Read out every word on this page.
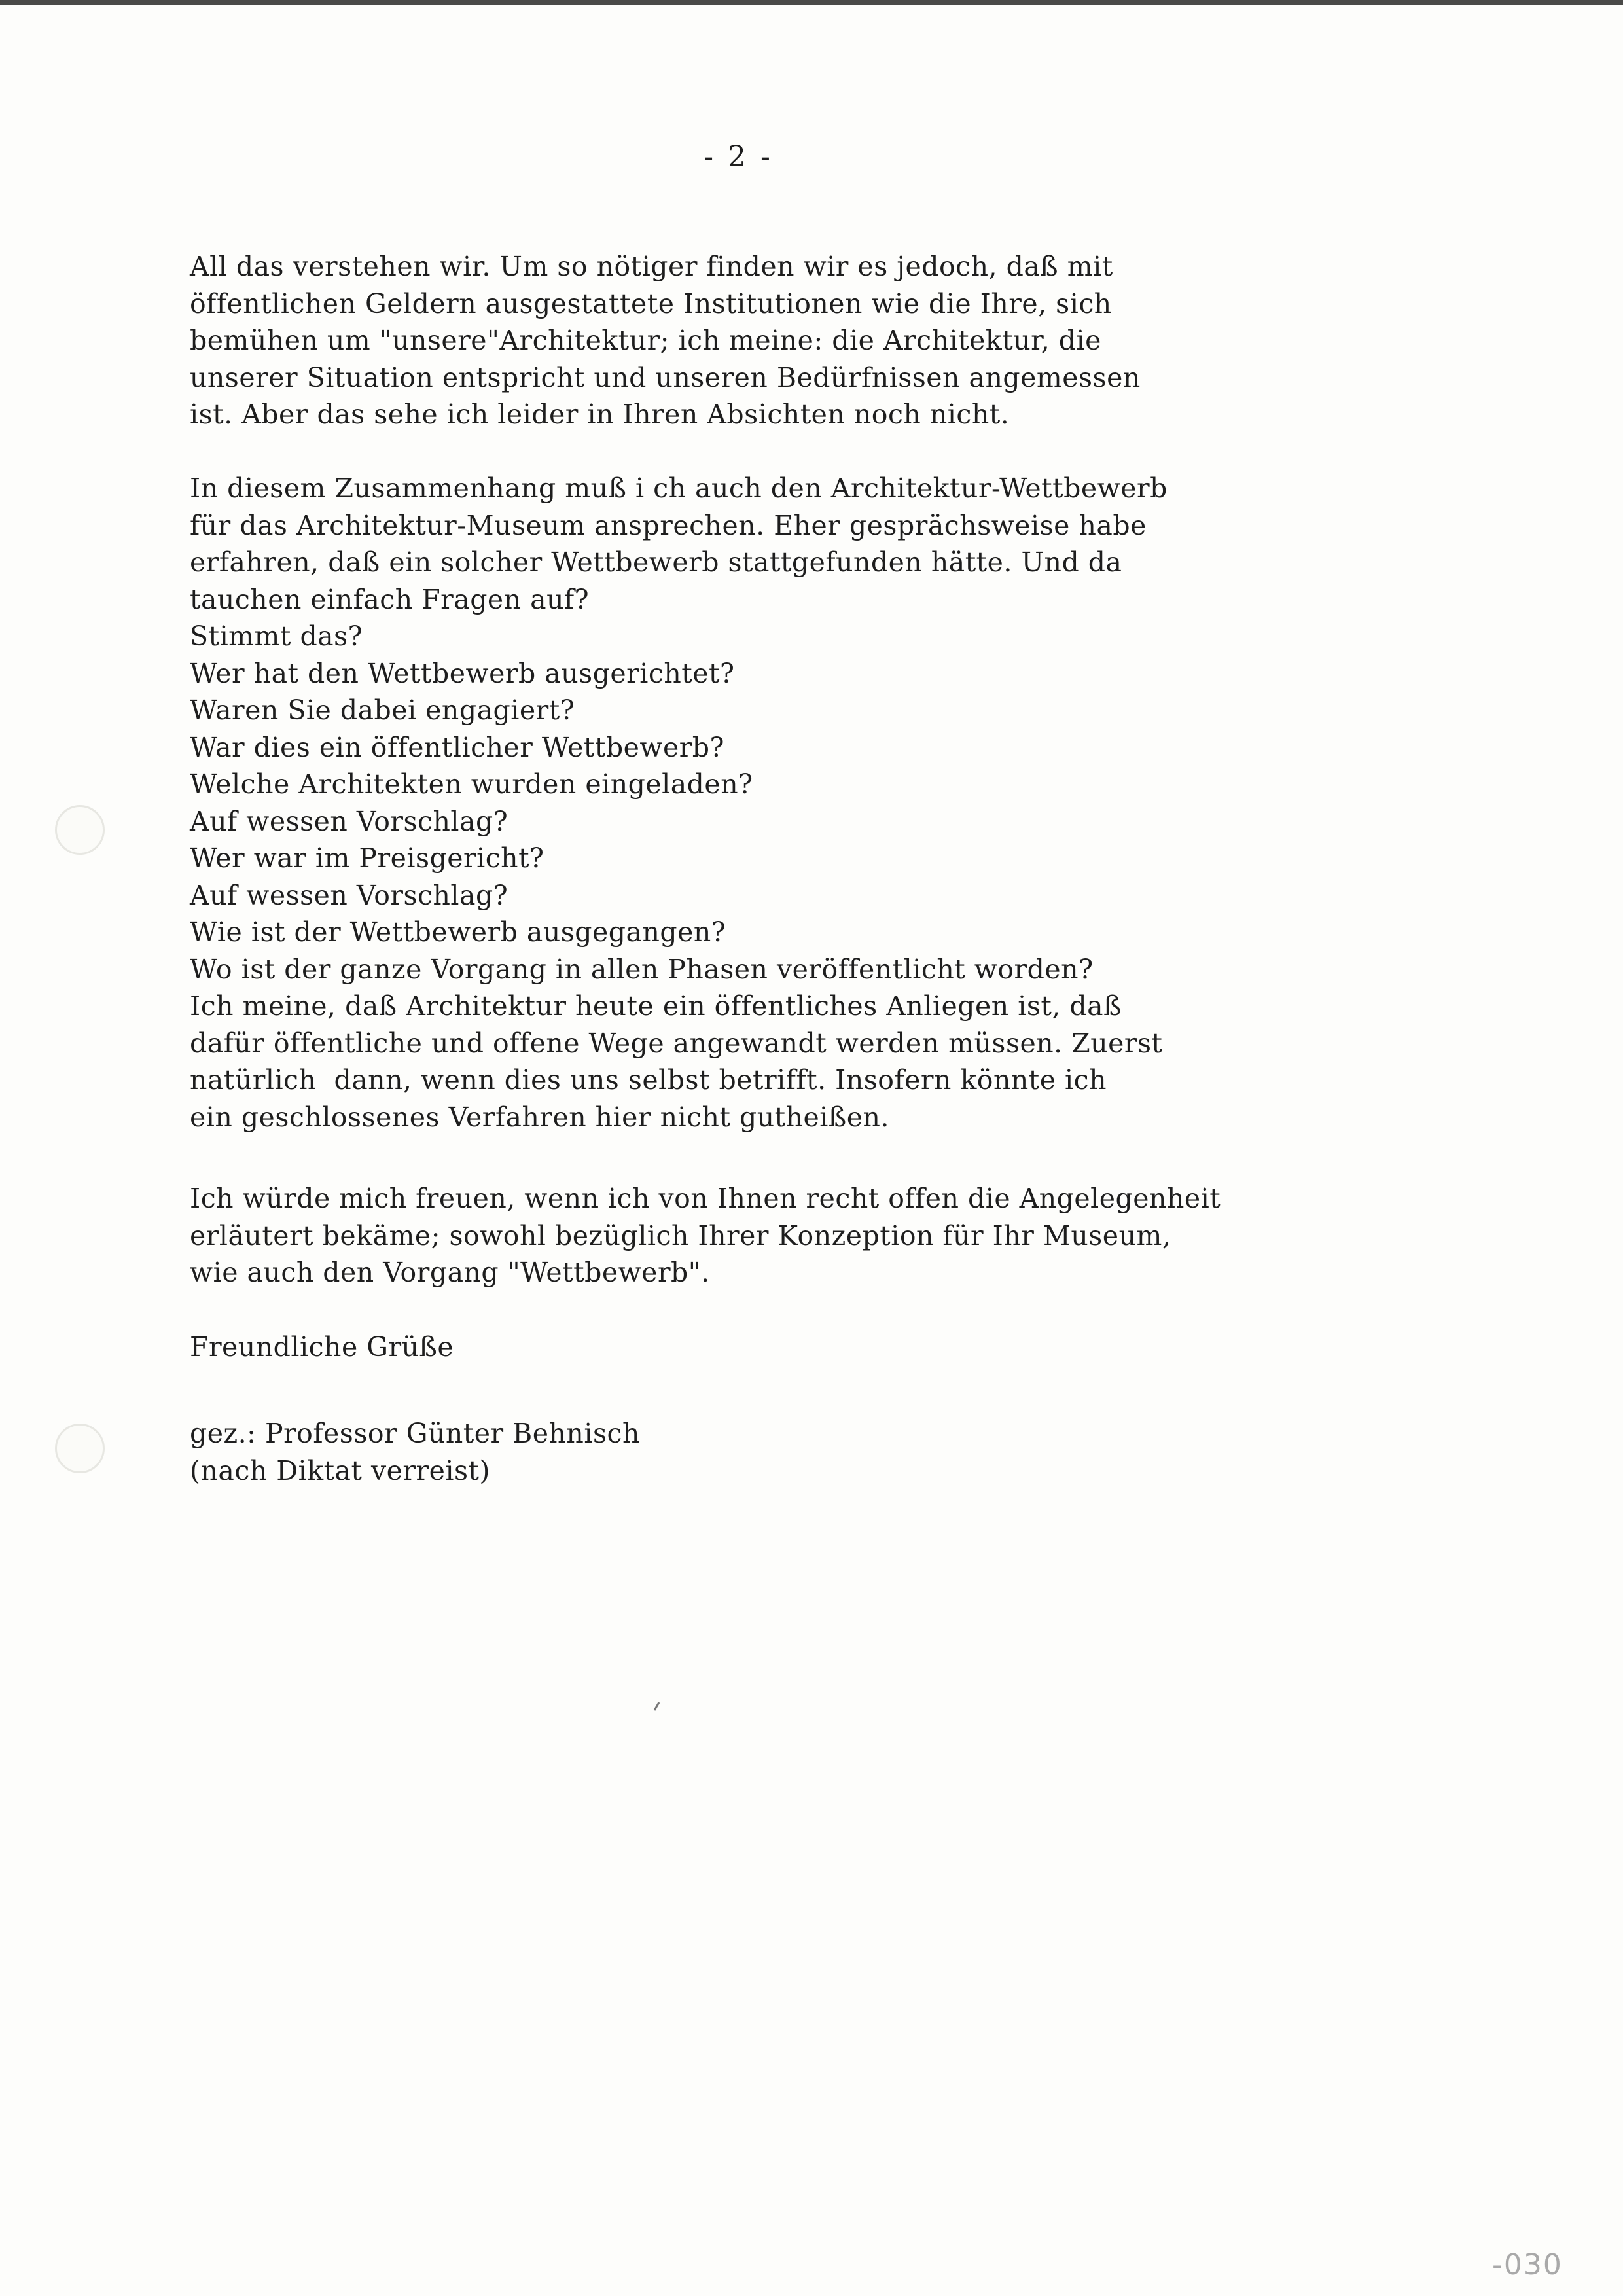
- 2 -
All das verstehen wir. Um so nötiger finden wir es jedoch, daß mit
öffentlichen Geldern ausgestattete Institutionen wie die Ihre, sich
bemühen um "unsere"Architektur; ich meine: die Architektur, die
unserer Situation entspricht und unseren Bedürfnissen angemessen
ist. Aber das sehe ich leider in Ihren Absichten noch nicht.
In diesem Zusammenhang muß i ch auch den Architektur-Wettbewerb
für das Architektur-Museum ansprechen. Eher gesprächsweise habe
erfahren, daß ein solcher Wettbewerb stattgefunden hätte. Und da
tauchen einfach Fragen auf?
Stimmt das?
Wer hat den Wettbewerb ausgerichtet?
Waren Sie dabei engagiert?
War dies ein öffentlicher Wettbewerb?
Welche Architekten wurden eingeladen?
Auf wessen Vorschlag?
Wer war im Preisgericht?
Auf wessen Vorschlag?
Wie ist der Wettbewerb ausgegangen?
Wo ist der ganze Vorgang in allen Phasen veröffentlicht worden?
Ich meine, daß Architektur heute ein öffentliches Anliegen ist, daß
dafür öffentliche und offene Wege angewandt werden müssen. Zuerst
natürlich  dann, wenn dies uns selbst betrifft. Insofern könnte ich
ein geschlossenes Verfahren hier nicht gutheißen.
Ich würde mich freuen, wenn ich von Ihnen recht offen die Angelegenheit
erläutert bekäme; sowohl bezüglich Ihrer Konzeption für Ihr Museum,
wie auch den Vorgang "Wettbewerb".
Freundliche Grüße
gez.: Professor Günter Behnisch
(nach Diktat verreist)
-030
